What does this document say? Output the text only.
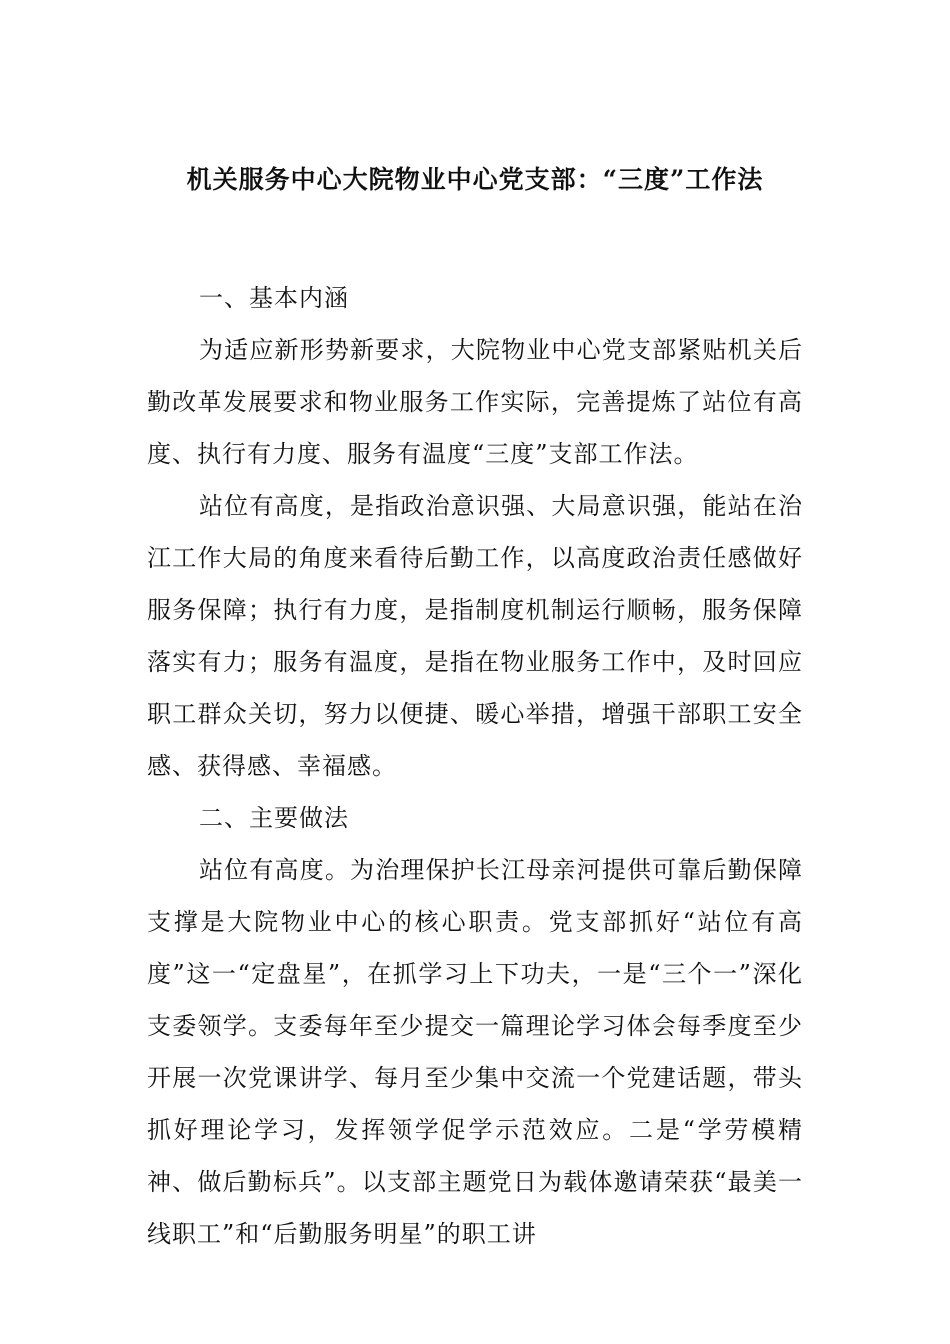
机关服务中心大院物业中心党支部：“三度”工作法

一、基本内涵

为适应新形势新要求，大院物业中心党支部紧贴机关后勤改革发展要求和物业服务工作实际，完善提炼了站位有高度、执行有力度、服务有温度“三度”支部工作法。

站位有高度，是指政治意识强、大局意识强，能站在治江工作大局的角度来看待后勤工作，以高度政治责任感做好服务保障；执行有力度，是指制度机制运行顺畅，服务保障落实有力；服务有温度，是指在物业服务工作中，及时回应职工群众关切，努力以便捷、暖心举措，增强干部职工安全感、获得感、幸福感。

二、主要做法

站位有高度。为治理保护长江母亲河提供可靠后勤保障支撑是大院物业中心的核心职责。党支部抓好“站位有高度”这一“定盘星”，在抓学习上下功夫，一是“三个一”深化支委领学。支委每年至少提交一篇理论学习体会每季度至少开展一次党课讲学、每月至少集中交流一个党建话题，带头抓好理论学习，发挥领学促学示范效应。二是“学劳模精神、做后勤标兵”。以支部主题党日为载体邀请荣获“最美一线职工”和“后勤服务明星”的职工讲
